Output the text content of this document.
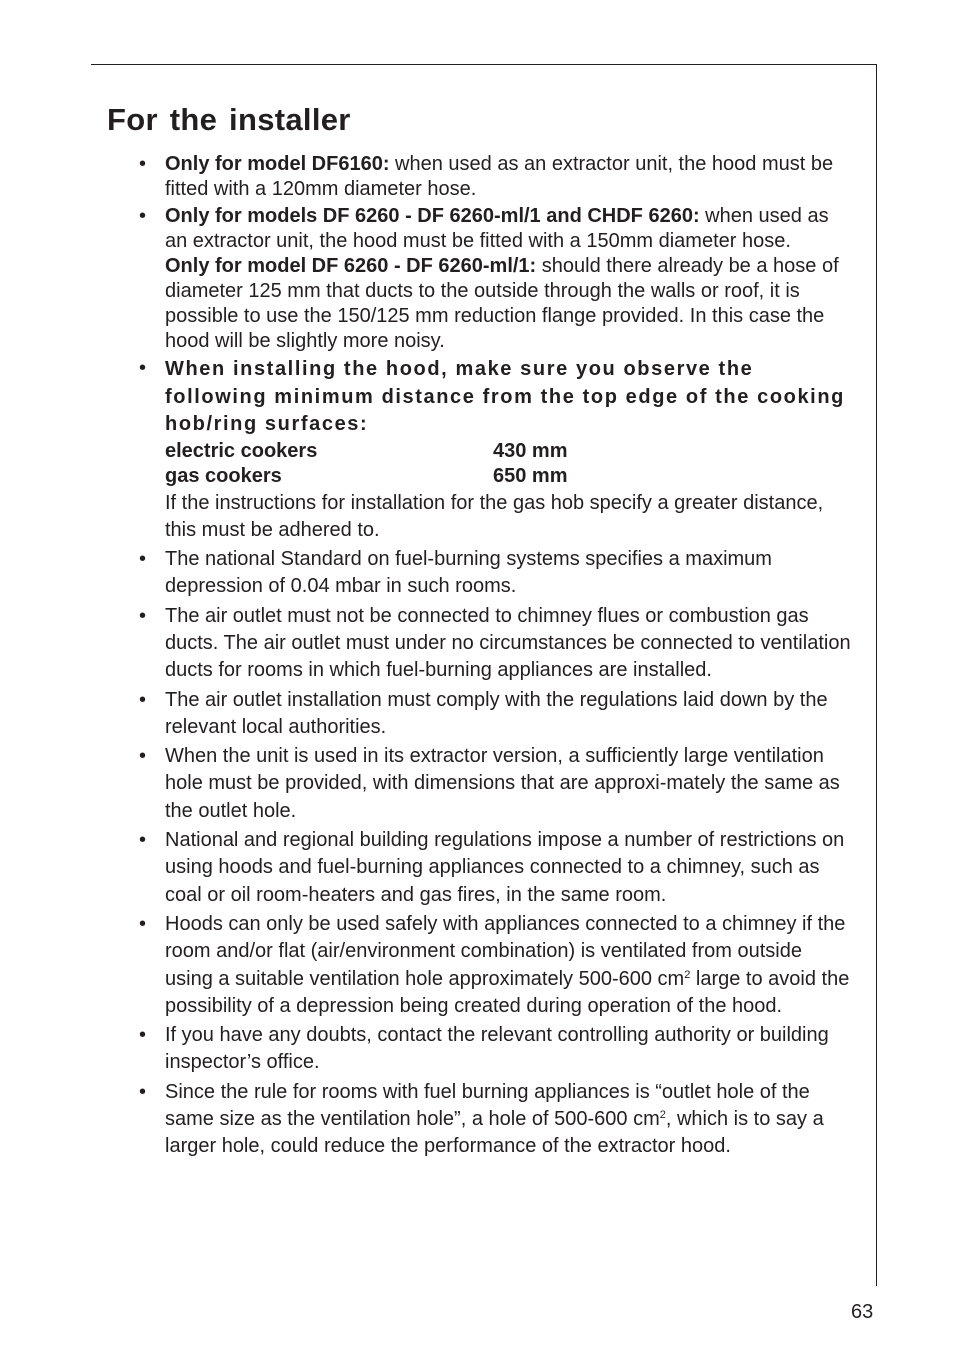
For the installer
• Only for model DF6160: when used as an extractor unit, the hood must be fitted with a 120mm diameter hose.
• Only for models DF 6260 - DF 6260-ml/1 and CHDF 6260: when used as an extractor unit, the hood must be fitted with a 150mm diameter hose.
Only for model DF 6260 - DF 6260-ml/1: should there already be a hose of diameter 125 mm that ducts to the outside through the walls or roof, it is possible to use the 150/125 mm reduction flange provided. In this case the hood will be slightly more noisy.
• When installing the hood, make sure you observe the following minimum distance from the top edge of the cooking hob/ring surfaces:
electric cookers	430 mm
gas cookers	650 mm
If the instructions for installation for the gas hob specify a greater distance, this must be adhered to.
• The national Standard on fuel-burning systems specifies a maximum depression of 0.04 mbar in such rooms.
• The air outlet must not be connected to chimney flues or combustion gas ducts. The air outlet must under no circumstances be connected to ventilation ducts for rooms in which fuel-burning appliances are installed.
• The air outlet installation must comply with the regulations laid down by the relevant local authorities.
• When the unit is used in its extractor version, a sufficiently large ventilation hole must be provided, with dimensions that are approxi-mately the same as the outlet hole.
• National and regional building regulations impose a number of restrictions on using hoods and fuel-burning appliances connected to a chimney, such as coal or oil room-heaters and gas fires, in the same room.
• Hoods can only be used safely with appliances connected to a chimney if the room and/or flat (air/environment combination) is ventilated from outside using a suitable ventilation hole approximately 500-600 $cm^2$ large to avoid the possibility of a depression being created during operation of the hood.
• If you have any doubts, contact the relevant controlling authority or building inspector’s office.
• Since the rule for rooms with fuel burning appliances is “outlet hole of the same size as the ventilation hole”, a hole of 500-600 $cm^2$, which is to say a larger hole, could reduce the performance of the extractor hood.
63
